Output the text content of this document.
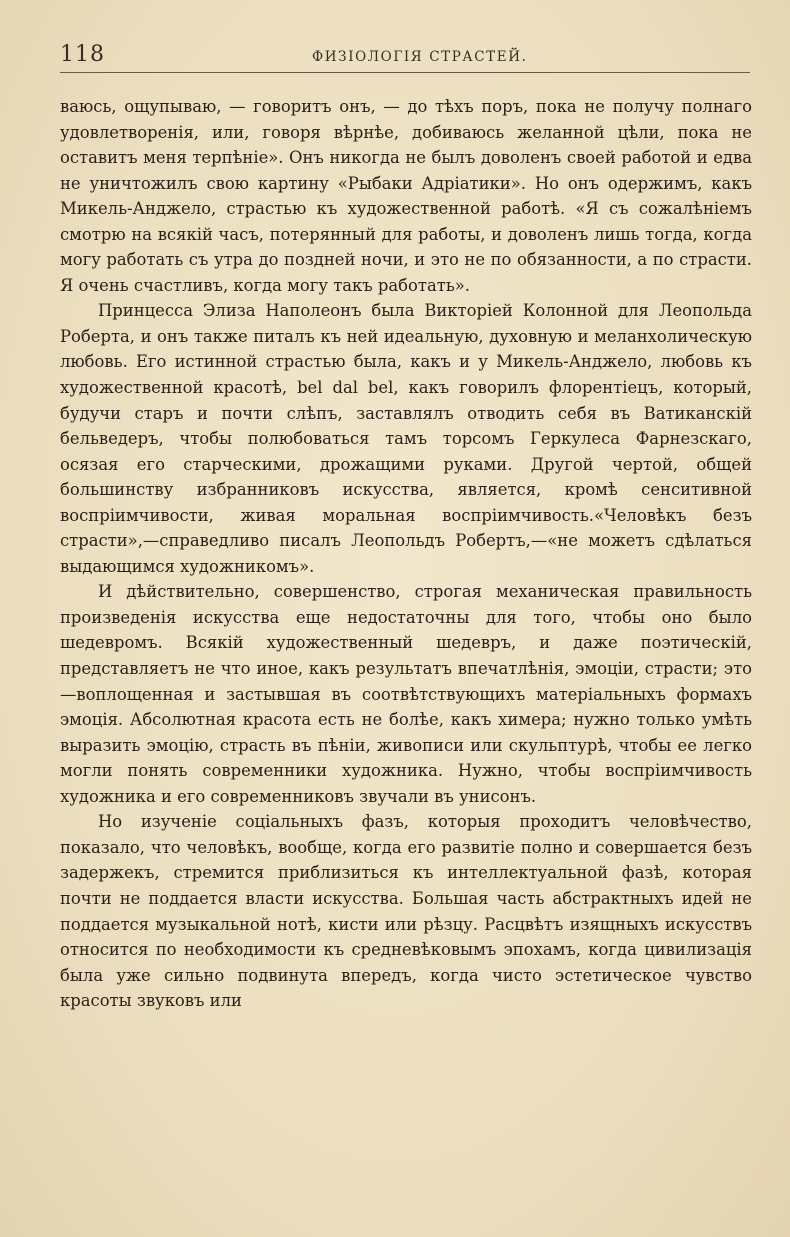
118	ФИЗІОЛОГІЯ СТРАСТЕЙ.

ваюсь, ощупываю, — говоритъ онъ, — до тѣхъ поръ, пока не получу полнаго удовлетворенія, или, говоря вѣрнѣе, добиваюсь желанной цѣли, пока не оставитъ меня терпѣніе». Онъ никогда не былъ доволенъ своей работой и едва не уничтожилъ свою картину «Рыбаки Адріатики». Но онъ одержимъ, какъ Микель-Анджело, страстью къ художественной работѣ. «Я съ сожалѣніемъ смотрю на всякій часъ, потерянный для работы, и доволенъ лишь тогда, когда могу работать съ утра до поздней ночи, и это не по обязанности, а по страсти. Я очень счастливъ, когда могу такъ работать».

Принцесса Элиза Наполеонъ была Викторіей Колонной для Леопольда Роберта, и онъ также питалъ къ ней идеальную, духовную и меланхолическую любовь. Его истинной страстью была, какъ и у Микель-Анджело, любовь къ художественной красотѣ, bel dal bel, какъ говорилъ флорентіецъ, который, будучи старъ и почти слѣпъ, заставлялъ отводить себя въ Ватиканскій бельведеръ, чтобы полюбоваться тамъ торсомъ Геркулеса Фарнезскаго, осязая его старческими, дрожащими руками. Другой чертой, общей большинству избранниковъ искусства, является, кромѣ сенситивной воспріимчивости, живая моральная воспріимчивость.«Человѣкъ безъ страсти»,—справедливо писалъ Леопольдъ Робертъ,—«не можетъ сдѣлаться выдающимся художникомъ».

И дѣйствительно, совершенство, строгая механическая правильность произведенія искусства еще недостаточны для того, чтобы оно было шедевромъ. Всякій художественный шедевръ, и даже поэтическій, представляетъ не что иное, какъ результатъ впечатлѣнія, эмоціи, страсти; это—воплощенная и застывшая въ соотвѣтствующихъ матеріальныхъ формахъ эмоція. Абсолютная красота есть не болѣе, какъ химера; нужно только умѣть выразить эмоцію, страсть въ пѣніи, живописи или скульптурѣ, чтобы ее легко могли понять современники художника. Нужно, чтобы воспріимчивость художника и его современниковъ звучали въ унисонъ.

Но изученіе соціальныхъ фазъ, которыя проходитъ человѣчество, показало, что человѣкъ, вообще, когда его развитіе полно и совершается безъ задержекъ, стремится приблизиться къ интеллектуальной фазѣ, которая почти не поддается власти искусства. Большая часть абстрактныхъ идей не поддается музыкальной нотѣ, кисти или рѣзцу. Расцвѣтъ изящныхъ искусствъ относится по необходимости къ средневѣковымъ эпохамъ, когда цивилизація была уже сильно подвинута впередъ, когда чисто эстетическое чувство красоты звуковъ или
